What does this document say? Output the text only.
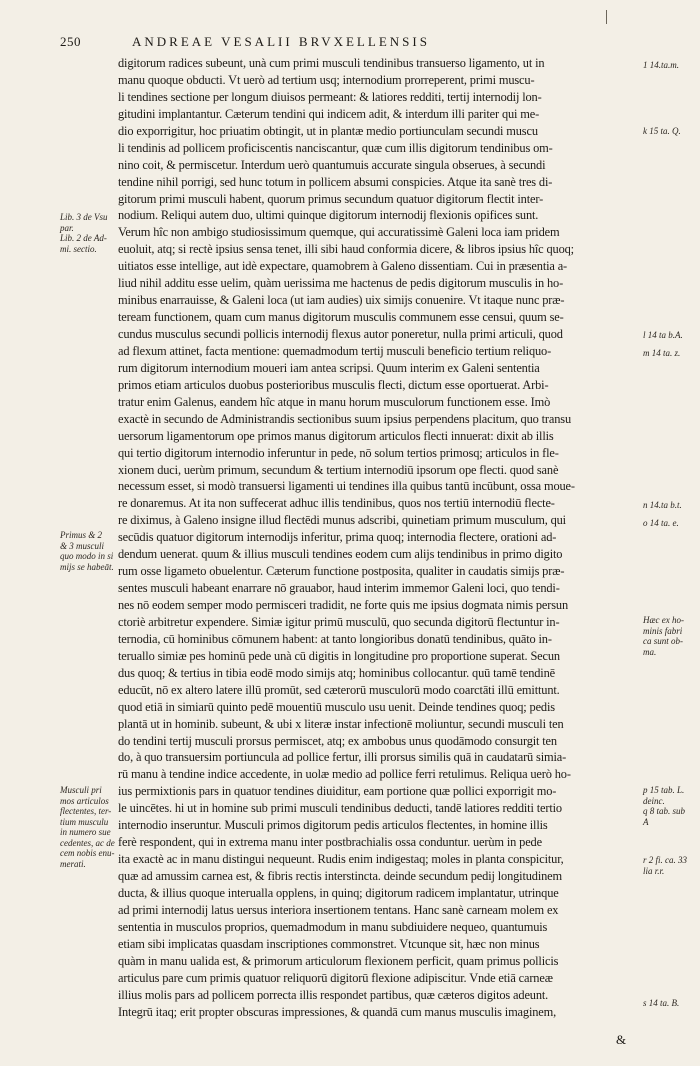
250	ANDREAE VESALII BRVXELLENSIS
digitorum radices subeunt, unà cum primi musculi tendinibus transuerso ligamento, ut in
manu quoque obducti. Vt uerò ad tertium usq; internodium prorreperent, primi muscu-
li tendines sectione per longum diuisos permeant: & latiores redditi, tertij internodij lon-
gitudini implantantur. Cæterum tendini qui indicem adit, & interdum illi pariter qui me-
dio exporrigitur, hoc priuatim obtingit, ut in plantæ medio portiunculam secundi muscu
li tendinis ad pollicem proficiscentis nanciscantur, quæ cum illis digitorum tendinibus om-
nino coit, & permiscetur. Interdum uerò quantumuis accurate singula obserues, à secundi
tendine nihil porrigi, sed hunc totum in pollicem absumi conspicies. Atque ita sanè tres di-
gitorum primi musculi habent, quorum primus secundum quatuor digitorum flectit inter-
nodium. Reliqui autem duo, ultimi quinque digitorum internodij flexionis opifices sunt.
Verum hîc non ambigo studiosissimum quemque, qui accuratissimè Galeni loca iam pridem
euoluit, atq; si rectè ipsius sensa tenet, illi sibi haud conformia dicere, & libros ipsius hîc quoq;
uitiatos esse intellige, aut idè expectare, quamobrem à Galeno dissentiam. Cui in præsentia a-
liud nihil additu esse uelim, quàm uerissima me hactenus de pedis digitorum musculis in ho-
minibus enarrauisse, & Galeni loca (ut iam audies) uix simijs conuenire. Vt itaque nunc præ-
teream functionem, quam cum manus digitorum musculis communem esse censui, quum se-
cundus musculus secundi pollicis internodij flexus autor poneretur, nulla primi articuli, quod
ad flexum attinet, facta mentione: quemadmodum tertij musculi beneficio tertium reliquo-
rum digitorum internodium moueri iam antea scripsi. Quum interim ex Galeni sententia
primos etiam articulos duobus posterioribus musculis flecti, dictum esse oportuerat. Arbi-
tratur enim Galenus, eandem hîc atque in manu horum musculorum functionem esse. Imò
exactè in secundo de Administrandis sectionibus suum ipsius perpendens placitum, quo transu
uersorum ligamentorum ope primos manus digitorum articulos flecti innuerat: dixit ab illis
qui tertio digitorum internodio inferuntur in pede, nō solum tertios primosq; articulos in fle-
xionem duci, uerùm primum, secundum & tertium internodiū ipsorum ope flecti. quod sanè
necessum esset, si modò transuersi ligamenti ui tendines illa quibus tantū incūbunt, ossa moue-
re donaremus. At ita non suffecerat adhuc illis tendinibus, quos nos tertiū internodiū flecte-
re diximus, à Galeno insigne illud flectēdi munus adscribi, quinetiam primum musculum, qui
secūdis quatuor digitorum internodijs inferitur, prima quoq; internodia flectere, orationi ad-
dendum uenerat. quum & illius musculi tendines eodem cum alijs tendinibus in primo digito
rum osse ligameto obuelentur. Cæterum functione postposita, qualiter in caudatis simijs præ-
sentes musculi habeant enarrare nō grauabor, haud interim immemor Galeni loci, quo tendi-
nes nō eodem semper modo permisceri tradidit, ne forte quis me ipsius dogmata nimis persun
ctoriè arbitretur expendere. Simiæ igitur primū musculū, quo secunda digitorū flectuntur in-
ternodia, cū hominibus cōmunem habent: at tanto longioribus donatū tendinibus, quāto in-
teruallo simiæ pes hominū pede unà cū digitis in longitudine pro proportione superat. Secun
dus quoq; & tertius in tibia eodē modo simijs atq; hominibus collocantur. quū tamē tendinē
educūt, nō ex altero latere illū promūt, sed cæterorū musculorū modo coarctāti illū emittunt.
quod etiā in simiarū quinto pedē mouentiū musculo usu uenit. Deinde tendines quoq; pedis
plantā ut in hominib. subeunt, & ubi x literæ instar infectionē moliuntur, secundi musculi ten
do tendini tertij musculi prorsus permiscet, atq; ex ambobus unus quodāmodo consurgit ten
do, à quo transuersim portiuncula ad pollice fertur, illi prorsus similis quā in caudatarū simia-
rū manu à tendine indice accedente, in uolæ medio ad pollice ferri retulimus. Reliqua uerò ho-
ius permixtionis pars in quatuor tendines diuiditur, eam portione quæ pollici exporrigit mo-
le uincētes. hi ut in homine sub primi musculi tendinibus deducti, tandē latiores redditi tertio
internodio inseruntur. Musculi primos digitorum pedis articulos flectentes, in homine illis
ferè respondent, qui in extrema manu inter postbrachialis ossa conduntur. uerùm in pede
ita exactè ac in manu distingui nequeunt. Rudis enim indigestaq; moles in planta conspicitur,
quæ ad amussim carnea est, & fibris rectis interstincta. deinde secundum pedij longitudinem
ducta, & illius quoque interualla opplens, in quinq; digitorum radicem implantatur, utrinque
ad primi internodij latus uersus interiora insertionem tentans. Hanc sanè carneam molem ex
sententia in musculos proprios, quemadmodum in manu subdiuidere nequeo, quantumuis
etiam sibi implicatas quasdam inscriptiones commonstret. Vtcunque sit, hæc non minus
quàm in manu ualida est, & primorum articulorum flexionem perficit, quam primus pollicis
articulus pare cum primis quatuor reliquorū digitorū flexione adipiscitur. Vnde etiā carneæ
illius molis pars ad pollicem porrecta illis respondet partibus, quæ cæteros digitos adeunt.
Integrū itaq; erit propter obscuras impressiones, & quandā cum manus musculis imaginem,
Lib. 3 de Vsu par.
Lib. 2 de Ad-
mi. sectio.
Primus & 2
& 3 musculi
quo modo in si
mijs se habeāt.
Musculi pri
mos articulos
flectentes, ter-
tium musculu
in numero sue
cedentes, ac de
cem nobis enu-
merati.
1 14.ta.m.
k 15 ta. Q.
l 14 ta b.A.
m 14 ta. z.
n 14.ta b.t.
o 14 ta. e.
Hæc ex ho-
minis fabri
ca sunt ob-
ma.
p 15 tab. L.
deinc.
q 8 tab. sub
A
r 2 fi. ca. 33
lia r.r.
s 14 ta. B.
&
